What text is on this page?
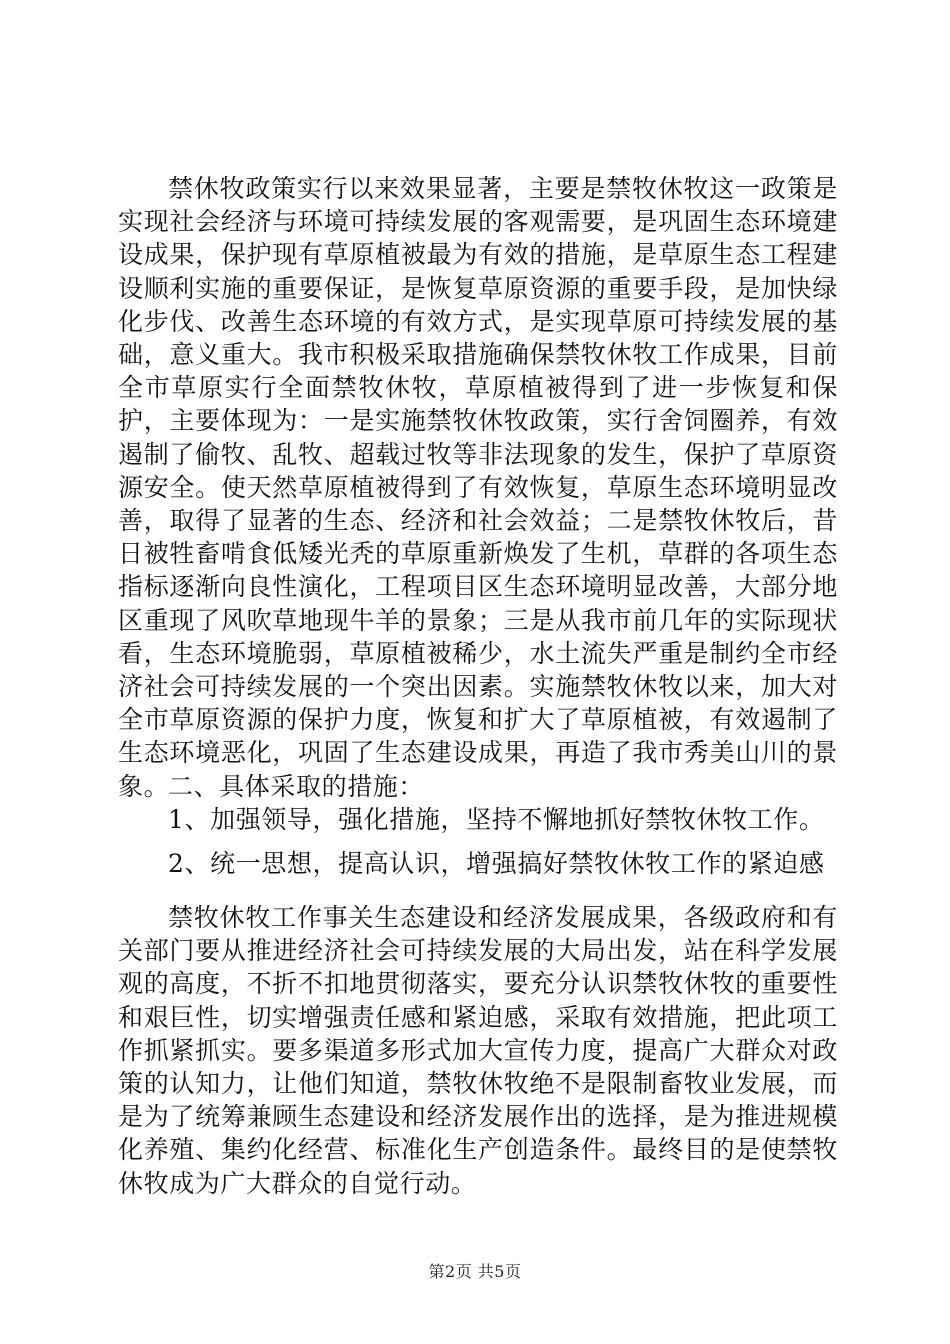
禁休牧政策实行以来效果显著，主要是禁牧休牧这一政策是实现社会经济与环境可持续发展的客观需要，是巩固生态环境建设成果，保护现有草原植被最为有效的措施，是草原生态工程建设顺利实施的重要保证，是恢复草原资源的重要手段，是加快绿化步伐、改善生态环境的有效方式，是实现草原可持续发展的基础，意义重大。我市积极采取措施确保禁牧休牧工作成果，目前全市草原实行全面禁牧休牧，草原植被得到了进一步恢复和保护，主要体现为：一是实施禁牧休牧政策，实行舍饲圈养，有效遏制了偷牧、乱牧、超载过牧等非法现象的发生，保护了草原资源安全。使天然草原植被得到了有效恢复，草原生态环境明显改善，取得了显著的生态、经济和社会效益；二是禁牧休牧后，昔日被牲畜啃食低矮光秃的草原重新焕发了生机，草群的各项生态指标逐渐向良性演化，工程项目区生态环境明显改善，大部分地区重现了风吹草地现牛羊的景象；三是从我市前几年的实际现状看，生态环境脆弱，草原植被稀少，水土流失严重是制约全市经济社会可持续发展的一个突出因素。实施禁牧休牧以来，加大对全市草原资源的保护力度，恢复和扩大了草原植被，有效遏制了生态环境恶化，巩固了生态建设成果，再造了我市秀美山川的景象。

二、具体采取的措施：

1、加强领导，强化措施，坚持不懈地抓好禁牧休牧工作。

2、统一思想，提高认识，增强搞好禁牧休牧工作的紧迫感

禁牧休牧工作事关生态建设和经济发展成果，各级政府和有关部门要从推进经济社会可持续发展的大局出发，站在科学发展观的高度，不折不扣地贯彻落实，要充分认识禁牧休牧的重要性和艰巨性，切实增强责任感和紧迫感，采取有效措施，把此项工作抓紧抓实。要多渠道多形式加大宣传力度，提高广大群众对政策的认知力，让他们知道，禁牧休牧绝不是限制畜牧业发展，而是为了统筹兼顾生态建设和经济发展作出的选择，是为推进规模化养殖、集约化经营、标准化生产创造条件。最终目的是使禁牧休牧成为广大群众的自觉行动。

第2页 共5页
